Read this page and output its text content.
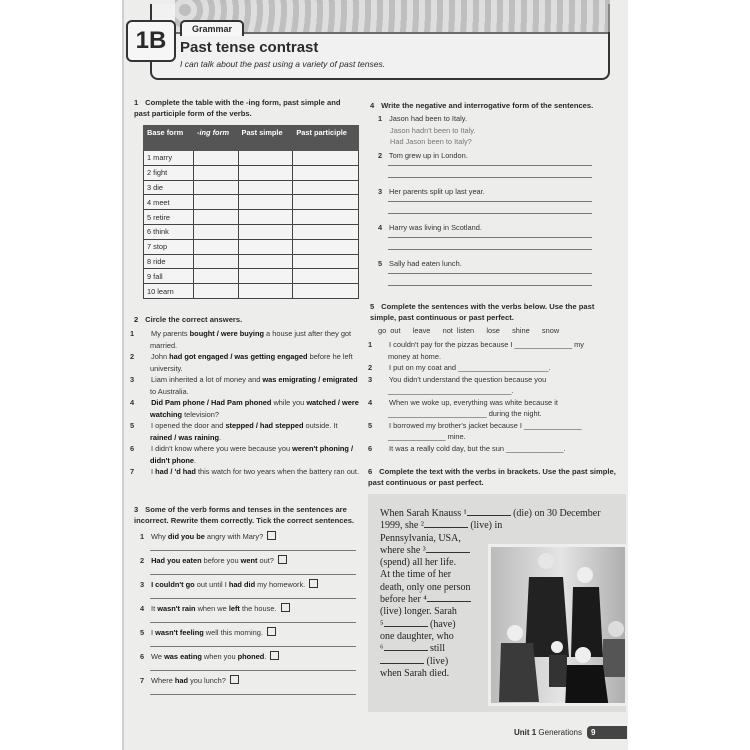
1B	Grammar
Past tense contrast
I can talk about the past using a variety of past tenses.
1 Complete the table with the -ing form, past simple and past participle form of the verbs.
Base form	-ing form	Past simple	Past participle
1 marry			
2 fight			
3 die			
4 meet			
5 retire			
6 think			
7 stop			
8 ride			
9 fall			
10 learn			
2 Circle the correct answers.
1 My parents bought / were buying a house just after they got married.
2 John had got engaged / was getting engaged before he left university.
3 Liam inherited a lot of money and was emigrating / emigrated to Australia.
4 Did Pam phone / Had Pam phoned while you watched / were watching television?
5 I opened the door and stepped / had stepped outside. It rained / was raining.
6 I didn't know where you were because you weren't phoning / didn't phone.
7 I had / 'd had this watch for two years when the battery ran out.
3 Some of the verb forms and tenses in the sentences are incorrect. Rewrite them correctly. Tick the correct sentences.
1 Why did you be angry with Mary?
2 Had you eaten before you went out?
3 I couldn't go out until I had did my homework.
4 It wasn't rain when we left the house.
5 I wasn't feeling well this morning.
6 We was eating when you phoned.
7 Where had you lunch?
4 Write the negative and interrogative form of the sentences.
1 Jason had been to Italy.
Jason hadn't been to Italy.
Had Jason been to Italy?
2 Tom grew up in London.
3 Her parents split up last year.
4 Harry was living in Scotland.
5 Sally had eaten lunch.
5 Complete the sentences with the verbs below. Use the past simple, past continuous or past perfect.
go out leave not listen lose shine snow
1 I couldn't pay for the pizzas because I ______________ my money at home.
2 I put on my coat and ______________________.
3 You didn't understand the question because you ______________________________.
4 When we woke up, everything was white because it ________________________ during the night.
5 I borrowed my brother's jacket because I ______________ ______________ mine.
6 It was a really cold day, but the sun ______________.
6 Complete the text with the verbs in brackets. Use the past simple, past continuous or past perfect.
When Sarah Knauss ¹	(die) on 30 December 1999, she ²	(live) in
Pennsylvania, USA,
where she ³
(spend) all her life.
At the time of her
death, only one person
before her ⁴
(live) longer. Sarah
⁵	(have)
one daughter, who
⁶	still
(live)
when Sarah died.
Unit 1 Generations	9
